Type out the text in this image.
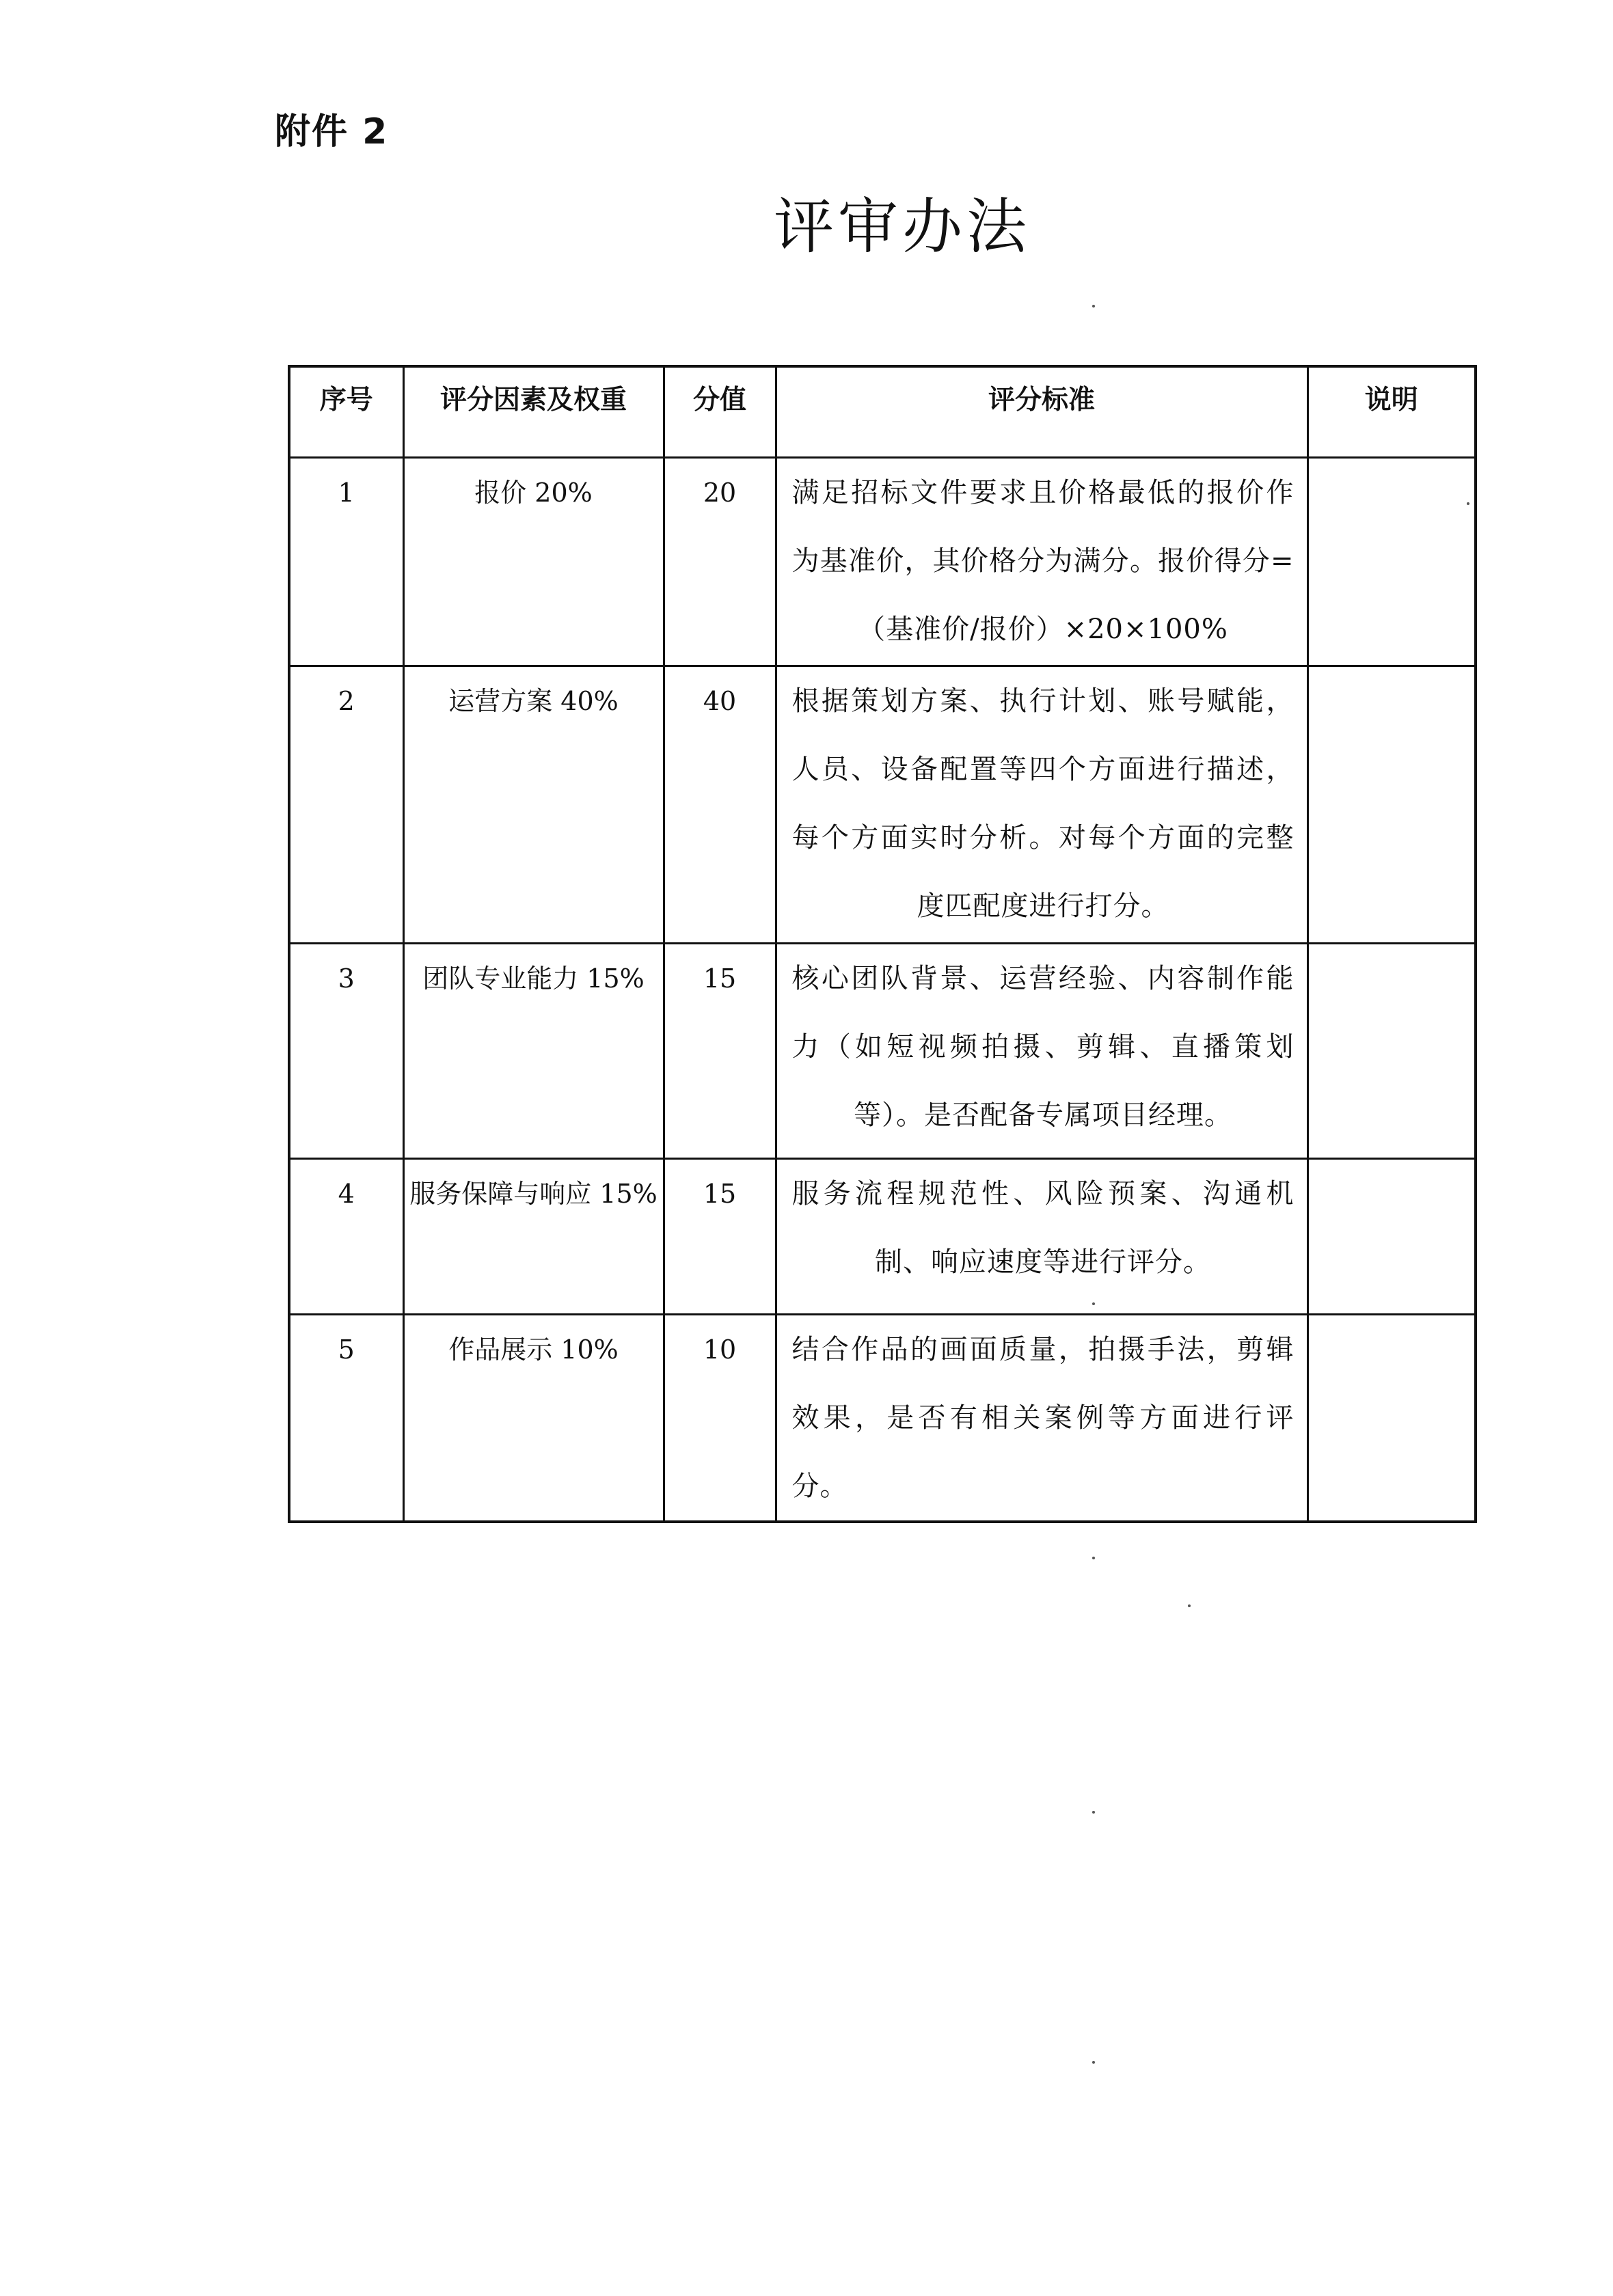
附件 2
评审办法
序号	评分因素及权重	分值	评分标准	说明
1	报价 20%	20	满足招标文件要求且价格最低的报价作为基准价，其价格分为满分。报价得分=（基准价/报价）×20×100%	

2	运营方案 40%	40	根据策划方案、执行计划、账号赋能，人员、设备配置等四个方面进行描述，每个方面实时分析。对每个方面的完整度匹配度进行打分。	

3	团队专业能力 15%	15	核心团队背景、运营经验、内容制作能力（如短视频拍摄、剪辑、直播策划等）。是否配备专属项目经理。	

4	服务保障与响应 15%	15	服务流程规范性、风险预案、沟通机制、响应速度等进行评分。	

5	作品展示 10%	10	结合作品的画面质量，拍摄手法，剪辑效果，是否有相关案例等方面进行评分。	
